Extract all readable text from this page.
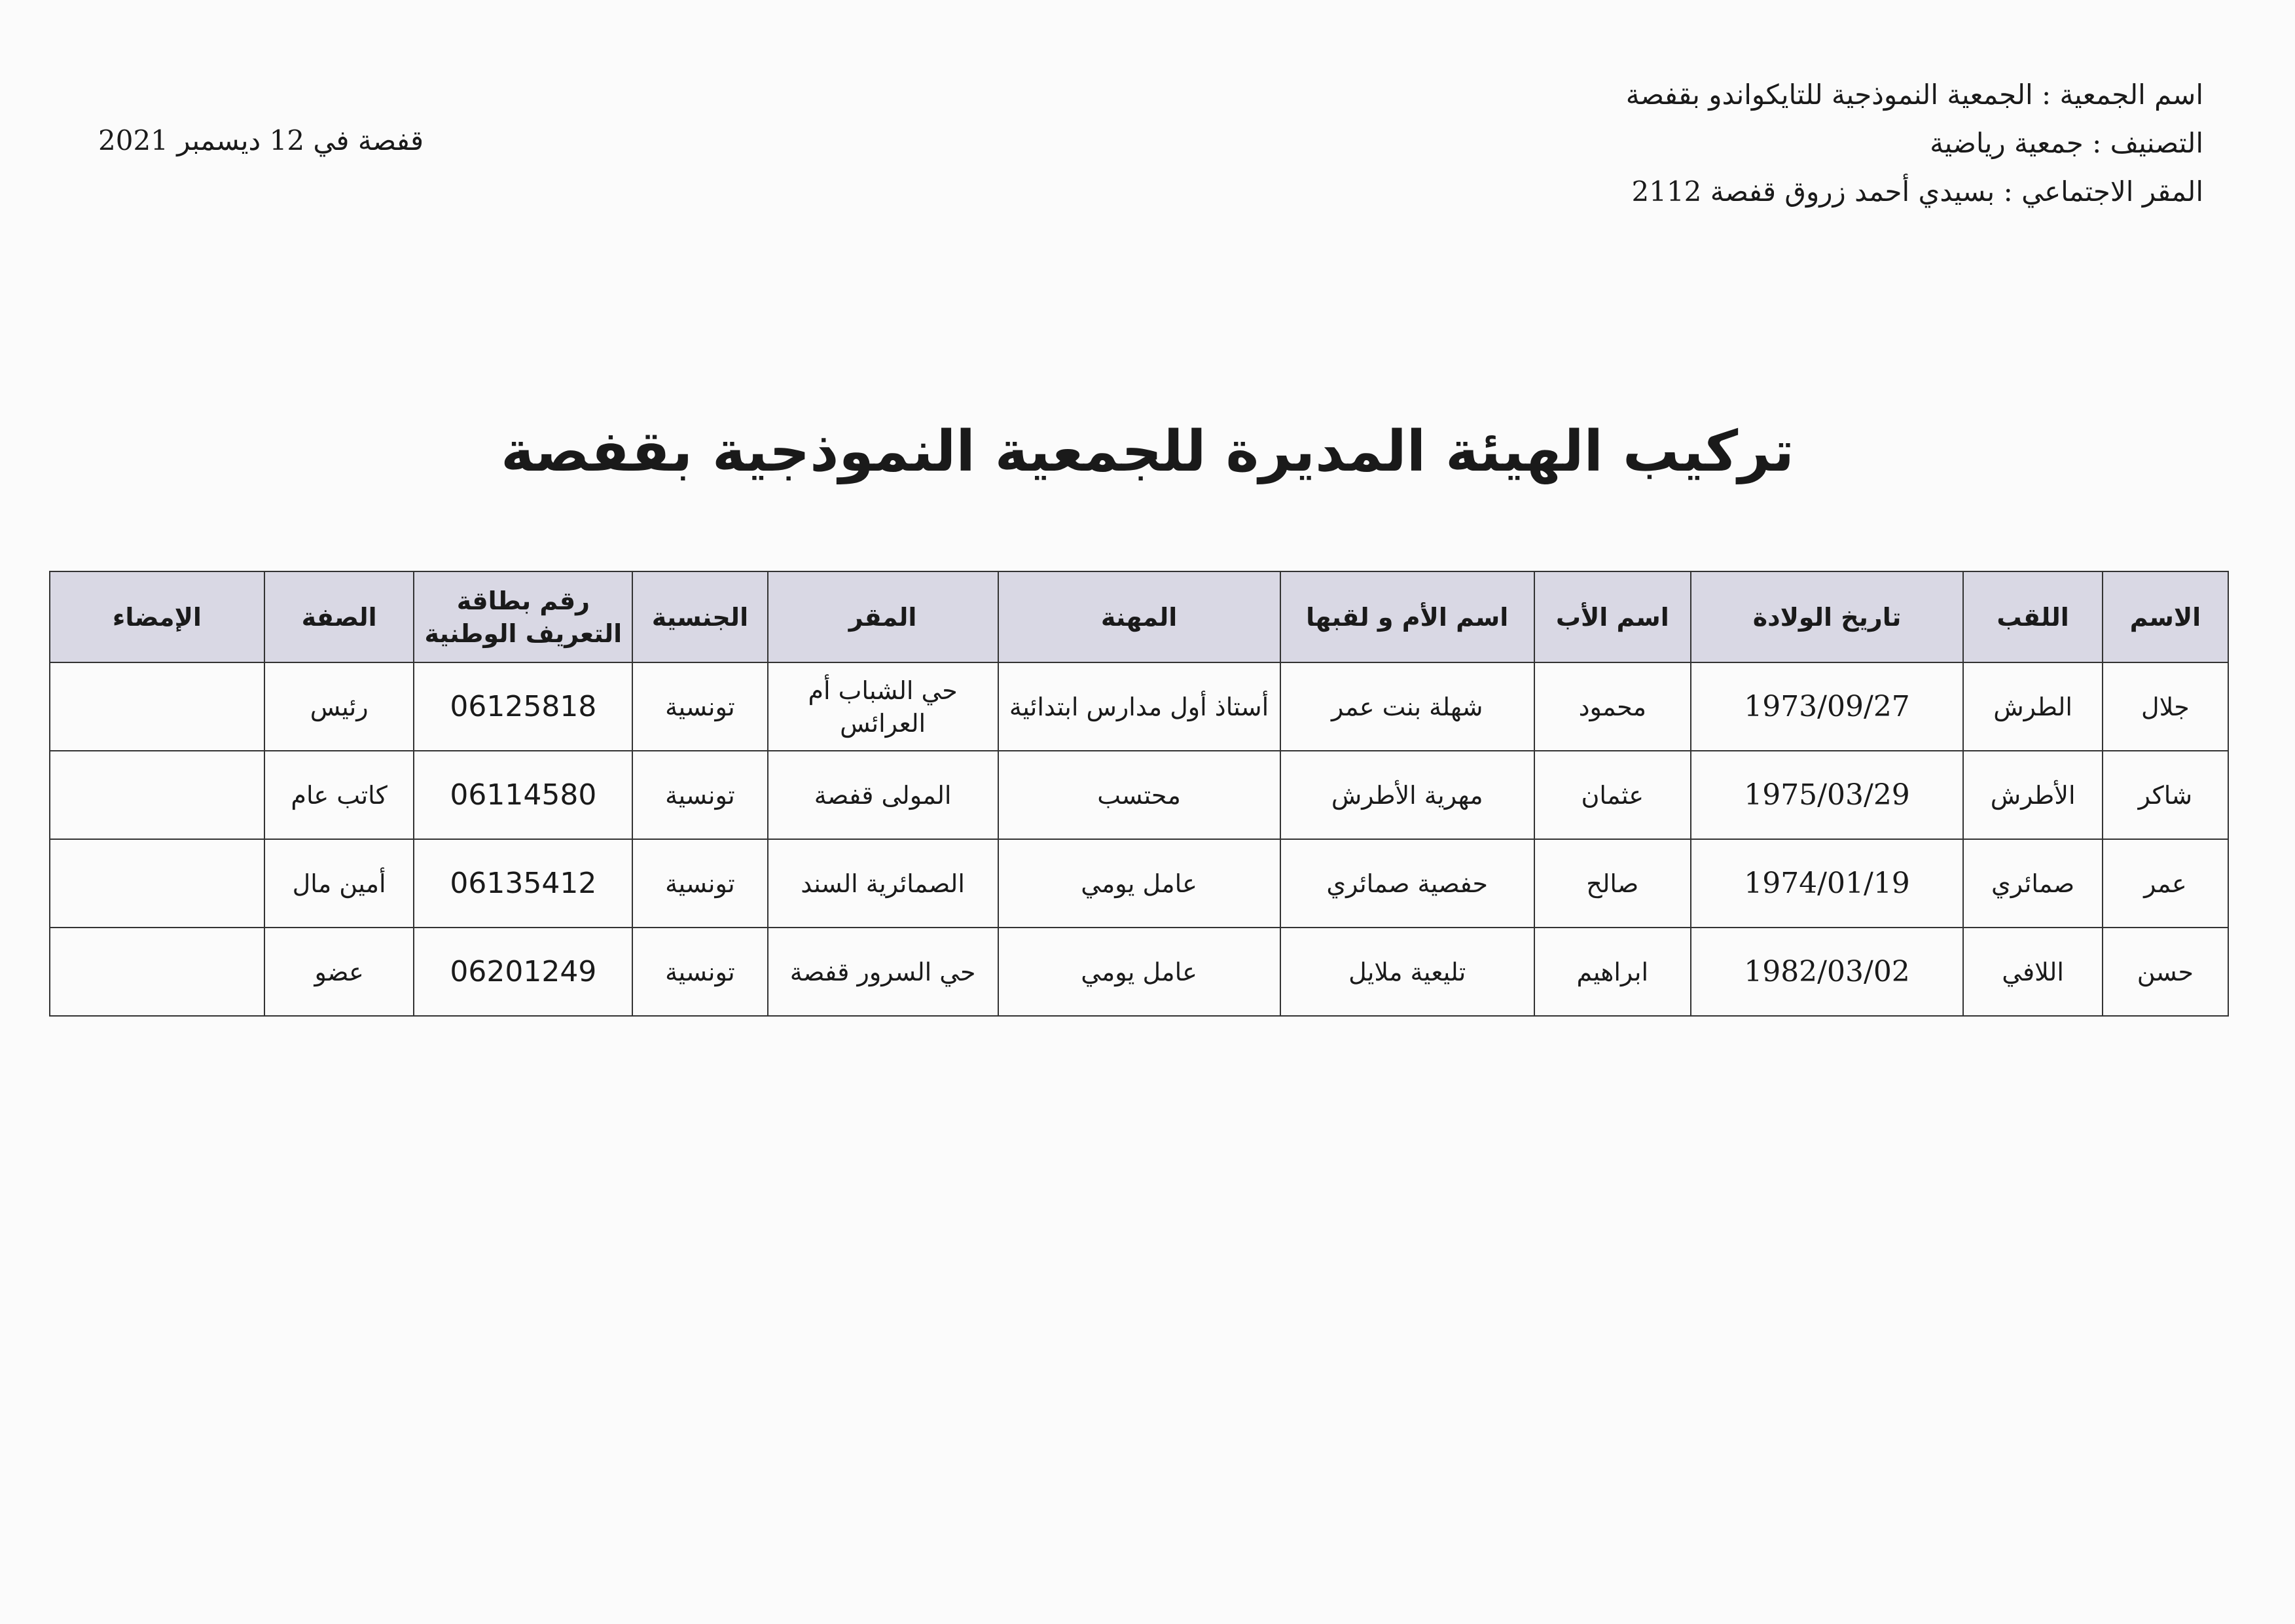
اسم الجمعية : الجمعية النموذجية للتايكواندو بقفصة
التصنيف : جمعية رياضية
المقر الاجتماعي : بسيدي أحمد زروق قفصة 2112
قفصة في 12 ديسمبر 2021
تركيب الهيئة المديرة للجمعية النموذجية بقفصة
الاسم	اللقب	تاريخ الولادة	اسم الأب	اسم الأم و لقبها	المهنة	المقر	الجنسية	رقم بطاقة التعريف الوطنية	الصفة	الإمضاء
جلال	الطرش	1973/09/27	محمود	شهلة بنت عمر	أستاذ أول مدارس ابتدائية	حي الشباب أم العرائس	تونسية	06125818	رئيس	
شاكر	الأطرش	1975/03/29	عثمان	مهرية الأطرش	محتسب	المولى قفصة	تونسية	06114580	كاتب عام	
عمر	صمائري	1974/01/19	صالح	حفصية صمائري	عامل يومي	الصمائرية السند	تونسية	06135412	أمين مال	
حسن	اللافي	1982/03/02	ابراهيم	تليعية ملايل	عامل يومي	حي السرور قفصة	تونسية	06201249	عضو	
